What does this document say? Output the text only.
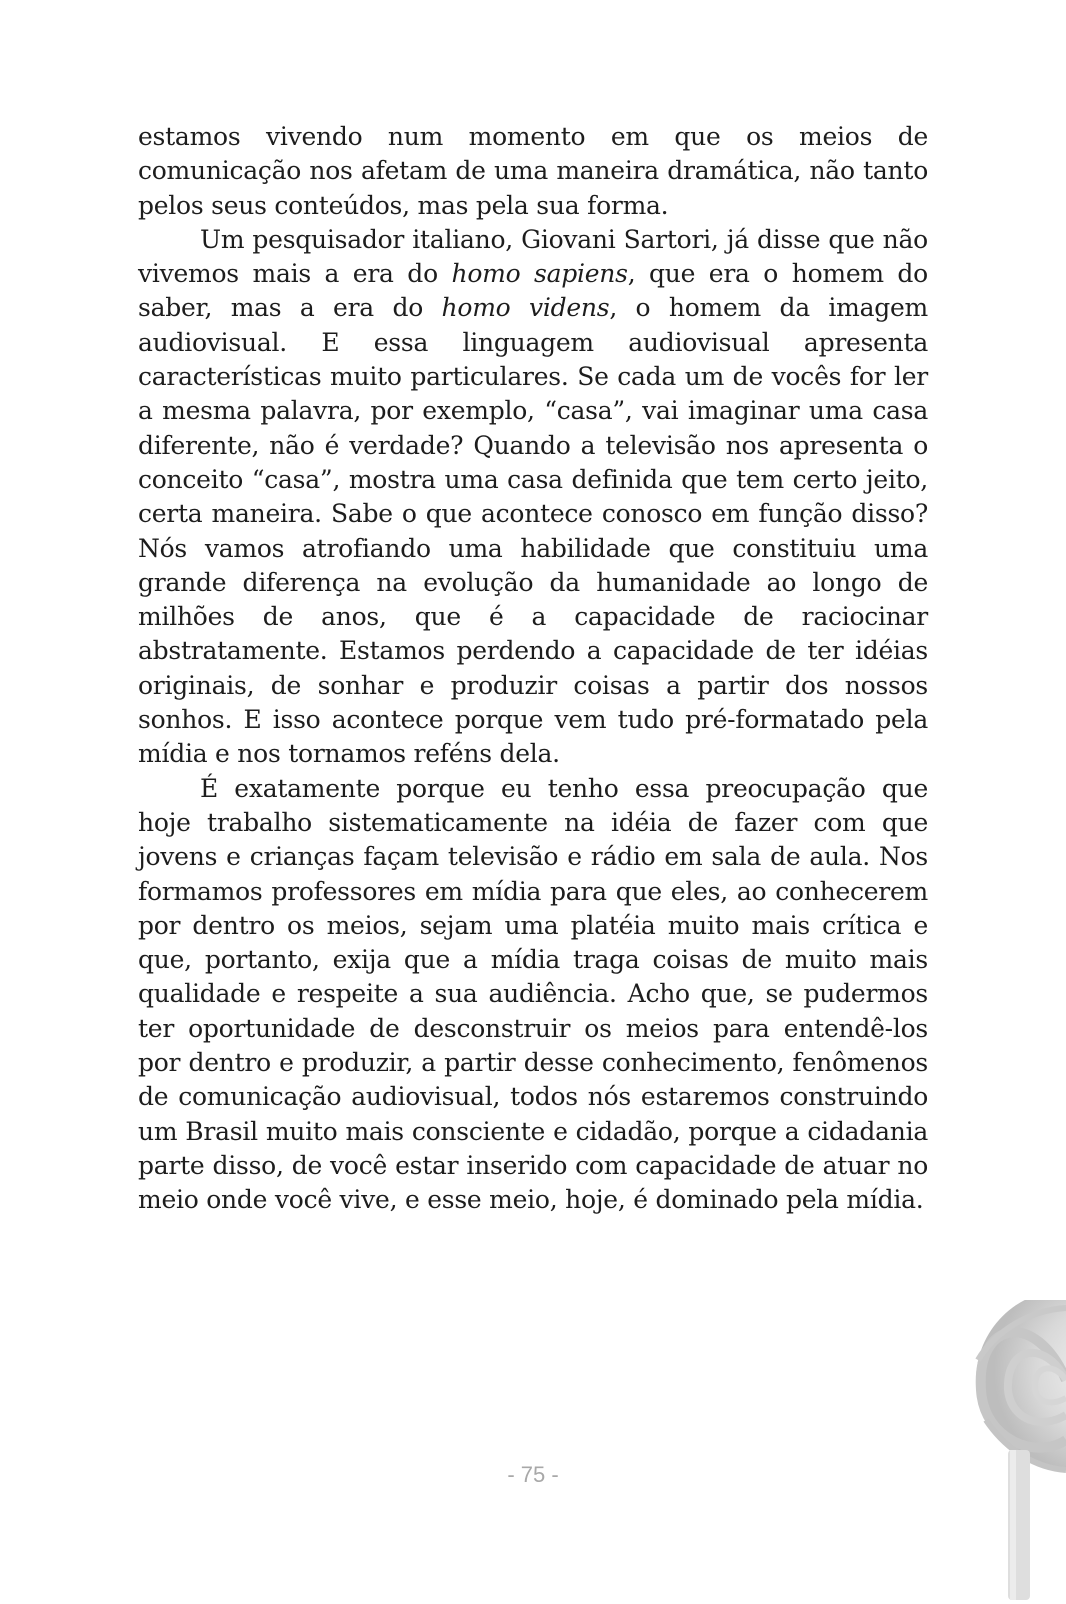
estamos vivendo num momento em que os meios de comunicação nos afetam de uma maneira dramática, não tanto pelos seus conteúdos, mas pela sua forma.

Um pesquisador italiano, Giovani Sartori, já disse que não vivemos mais a era do homo sapiens, que era o homem do saber, mas a era do homo videns, o homem da imagem audiovisual. E essa linguagem audiovisual apresenta características muito particulares. Se cada um de vocês for ler a mesma palavra, por exemplo, “casa”, vai imaginar uma casa diferente, não é verdade? Quando a televisão nos apresenta o conceito “casa”, mostra uma casa definida que tem certo jeito, certa maneira. Sabe o que acontece conosco em função disso? Nós vamos atrofiando uma habilidade que constituiu uma grande diferença na evolução da humanidade ao longo de milhões de anos, que é a capacidade de raciocinar abstratamente. Estamos perdendo a capacidade de ter idéias originais, de sonhar e produzir coisas a partir dos nossos sonhos. E isso acontece porque vem tudo pré-formatado pela mídia e nos tornamos reféns dela.

É exatamente porque eu tenho essa preocupação que hoje trabalho sistematicamente na idéia de fazer com que jovens e crianças façam televisão e rádio em sala de aula. Nos formamos professores em mídia para que eles, ao conhecerem por dentro os meios, sejam uma platéia muito mais crítica e que, portanto, exija que a mídia traga coisas de muito mais qualidade e respeite a sua audiência. Acho que, se pudermos ter oportunidade de desconstruir os meios para entendê-los por dentro e produzir, a partir desse conhecimento, fenômenos de comunicação audiovisual, todos nós estaremos construindo um Brasil muito mais consciente e cidadão, porque a cidadania parte disso, de você estar inserido com capacidade de atuar no meio onde você vive, e esse meio, hoje, é dominado pela mídia.

- 75 -
